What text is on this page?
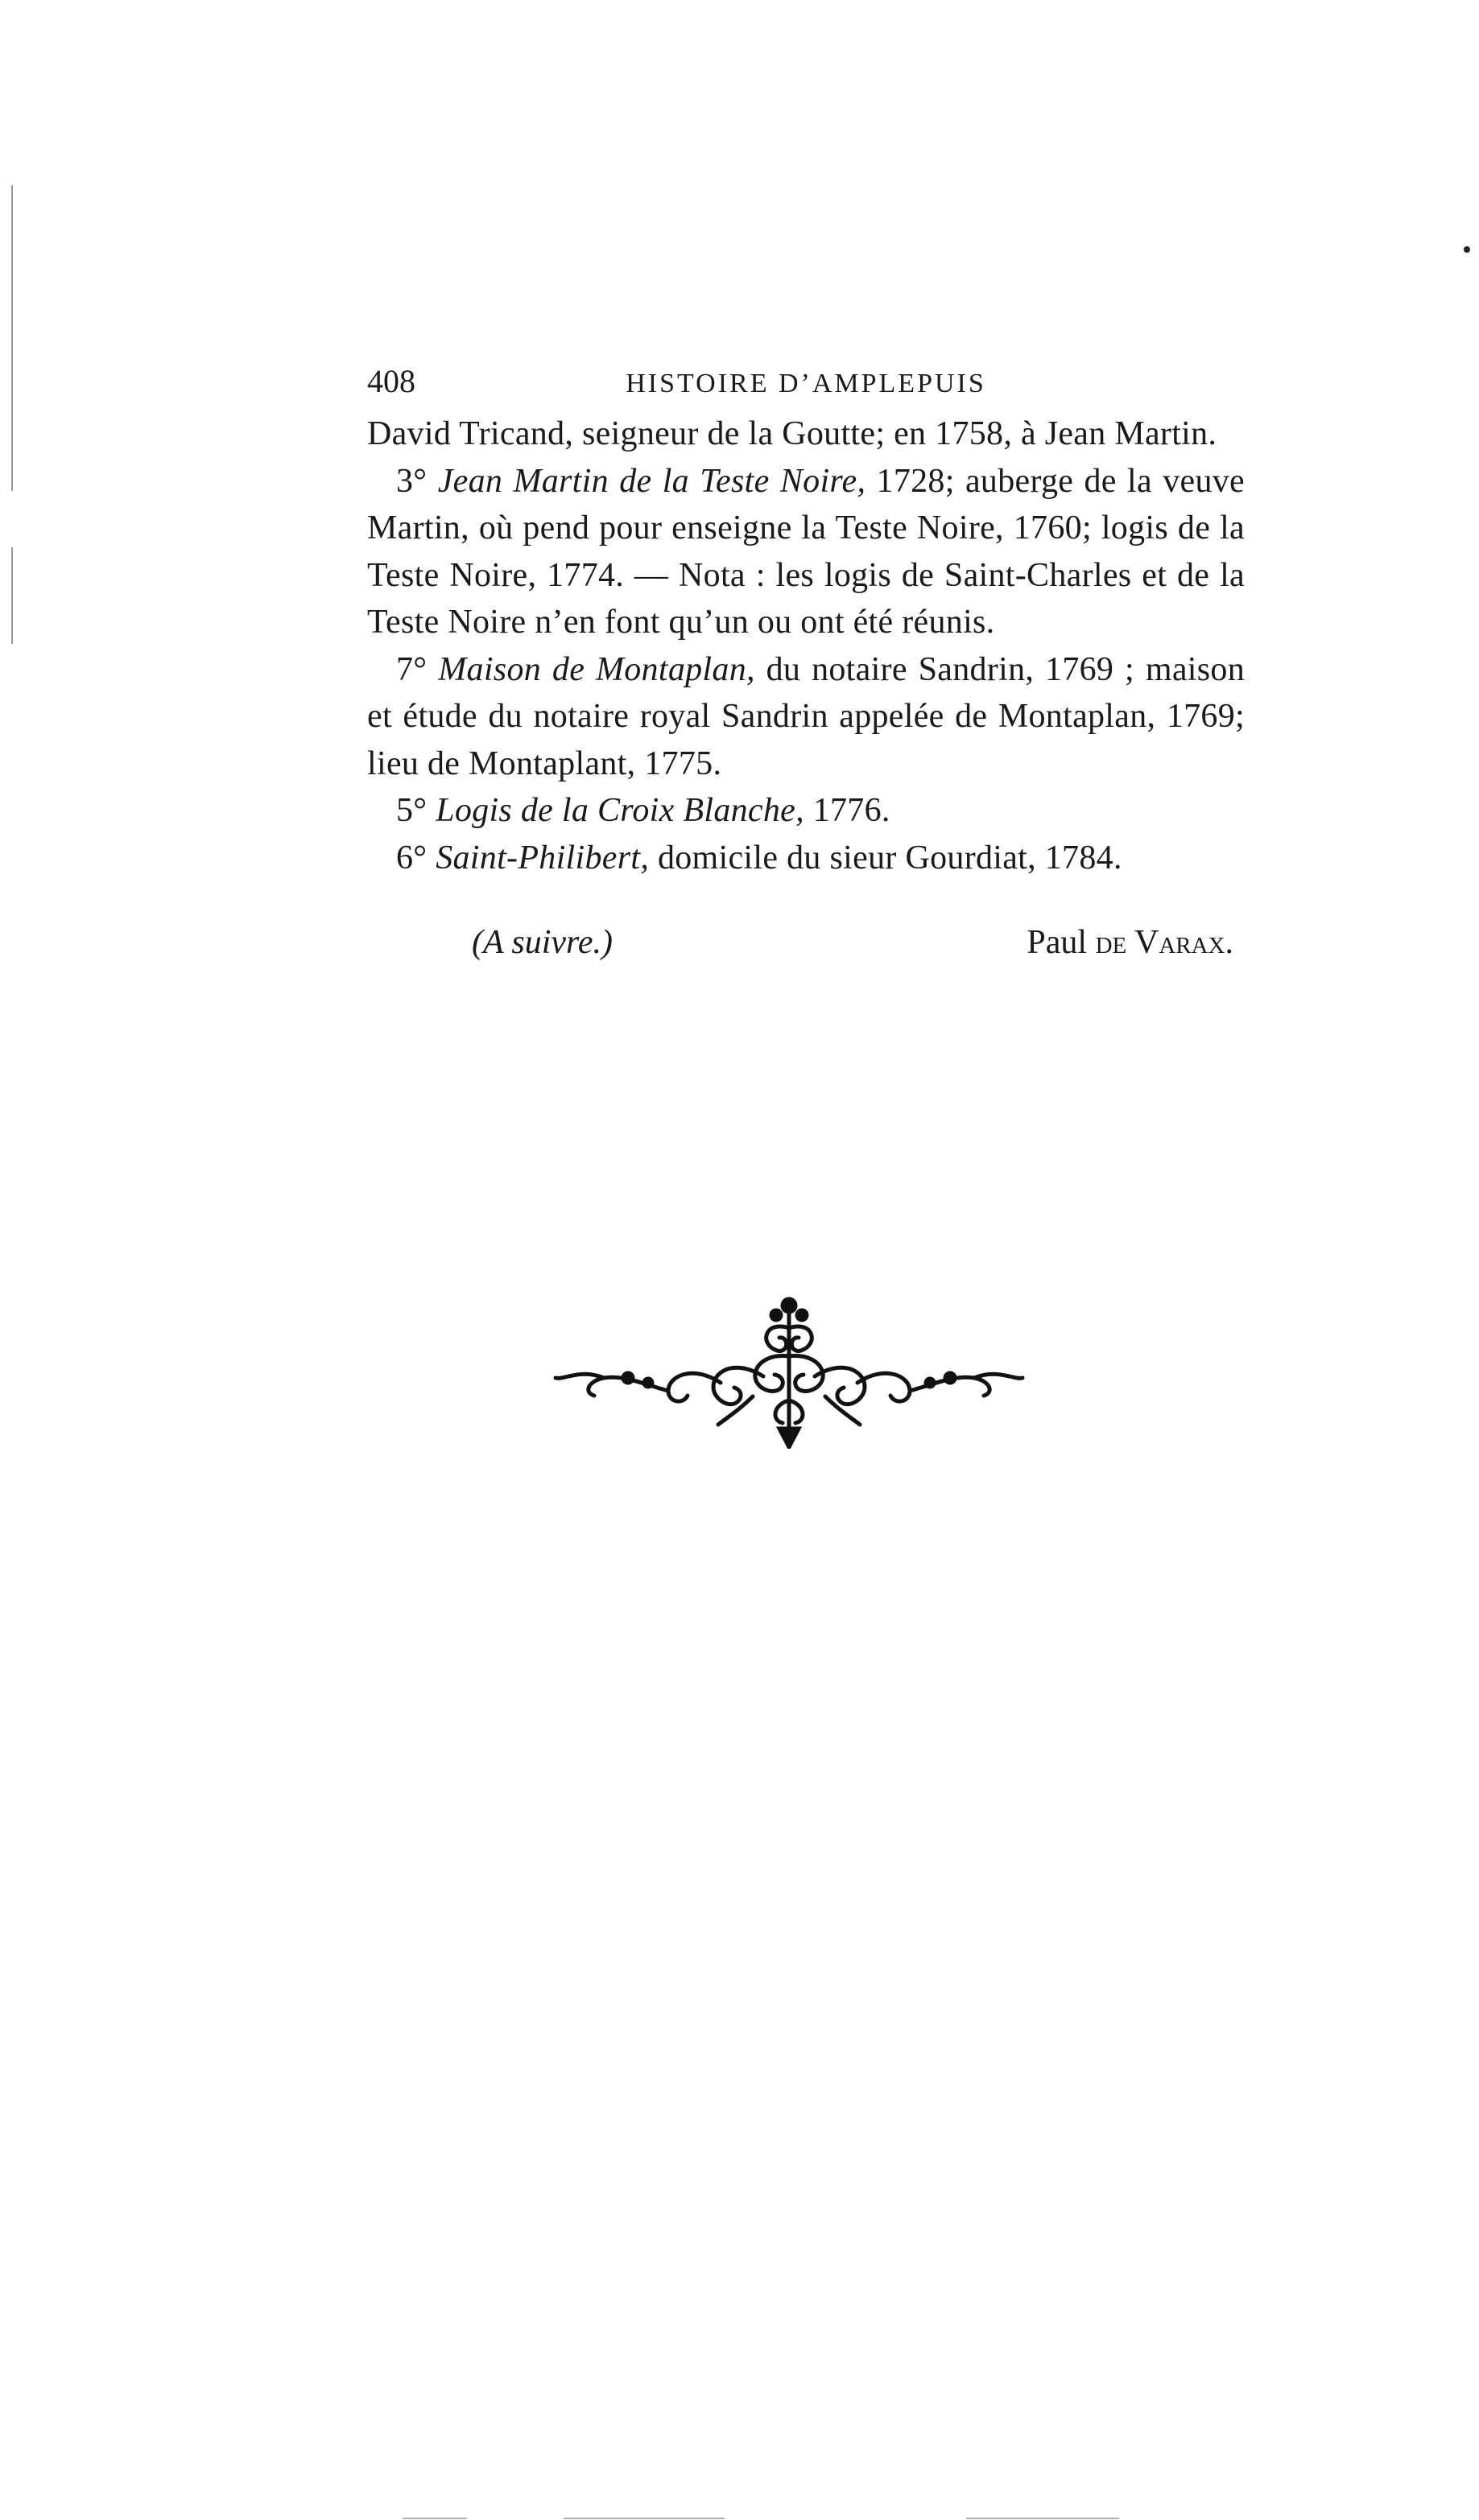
408	HISTOIRE D’AMPLEPUIS

David Tricand, seigneur de la Goutte; en 1758, à Jean Martin.

3° Jean Martin de la Teste Noire, 1728; auberge de la veuve Martin, où pend pour enseigne la Teste Noire, 1760; logis de la Teste Noire, 1774. — Nota : les logis de Saint-Charles et de la Teste Noire n’en font qu’un ou ont été réunis.

7° Maison de Montaplan, du notaire Sandrin, 1769 ; maison et étude du notaire royal Sandrin appelée de Montaplan, 1769; lieu de Montaplant, 1775.

5° Logis de la Croix Blanche, 1776.

6° Saint-Philibert, domicile du sieur Gourdiat, 1784.

(A suivre.)	Paul de Varax.
